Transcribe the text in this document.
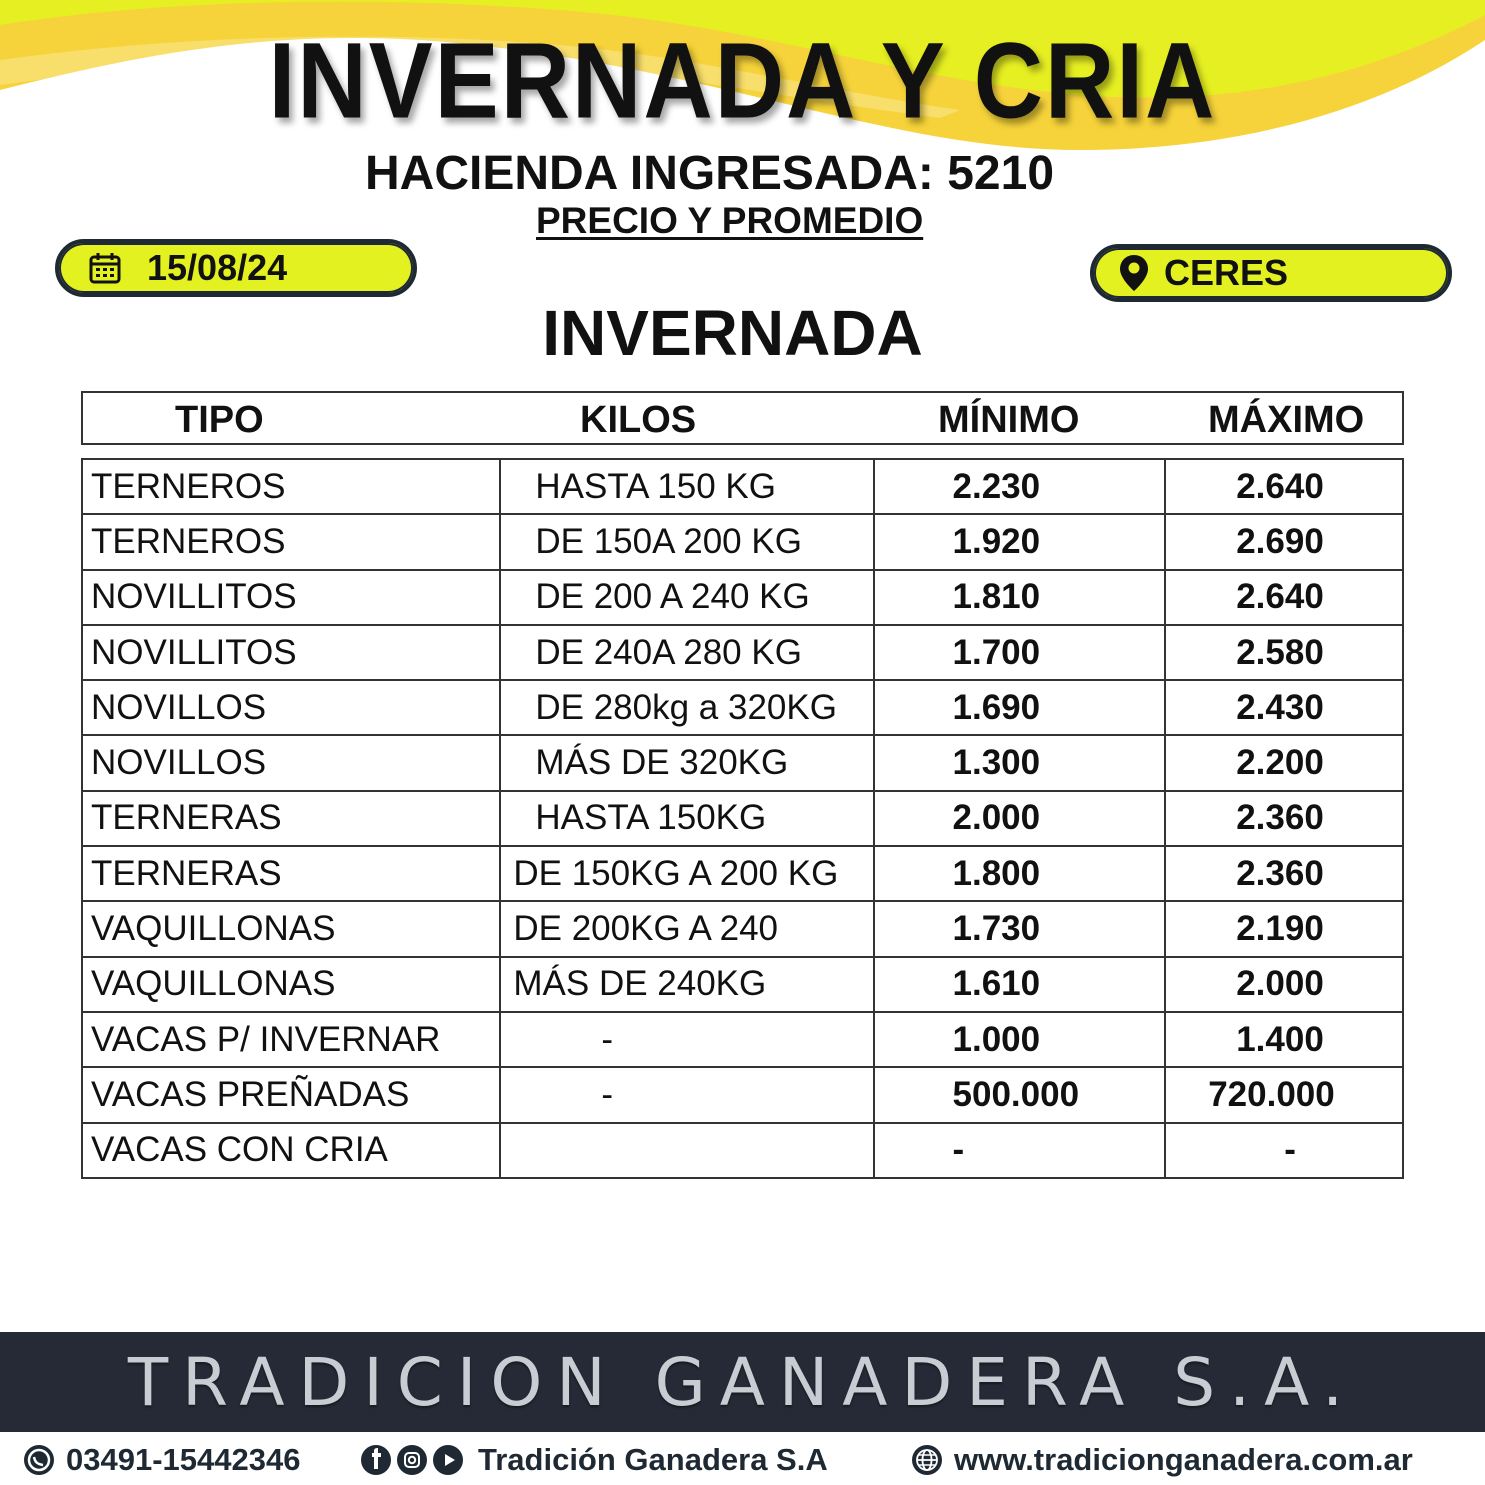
INVERNADA Y CRIA
HACIENDA INGRESADA: 5210
PRECIO Y PROMEDIO
15/08/24	CERES
INVERNADA
TIPO	KILOS	MÍNIMO	MÁXIMO
TERNEROS	HASTA 150 KG	2.230	2.640
TERNEROS	DE 150A 200 KG	1.920	2.690
NOVILLITOS	DE 200 A 240 KG	1.810	2.640
NOVILLITOS	DE 240A 280 KG	1.700	2.580
NOVILLOS	DE 280kg a 320KG	1.690	2.430
NOVILLOS	MÁS DE 320KG	1.300	2.200
TERNERAS	HASTA 150KG	2.000	2.360
TERNERAS	DE 150KG A 200 KG	1.800	2.360
VAQUILLONAS	DE 200KG A 240	1.730	2.190
VAQUILLONAS	MÁS DE 240KG	1.610	2.000
VACAS P/ INVERNAR	-	1.000	1.400
VACAS PREÑADAS	-	500.000	720.000
VACAS CON CRIA		-	-
TRADICION GANADERA S.A.
03491-15442346	Tradición Ganadera S.A	www.tradicionganadera.com.ar
